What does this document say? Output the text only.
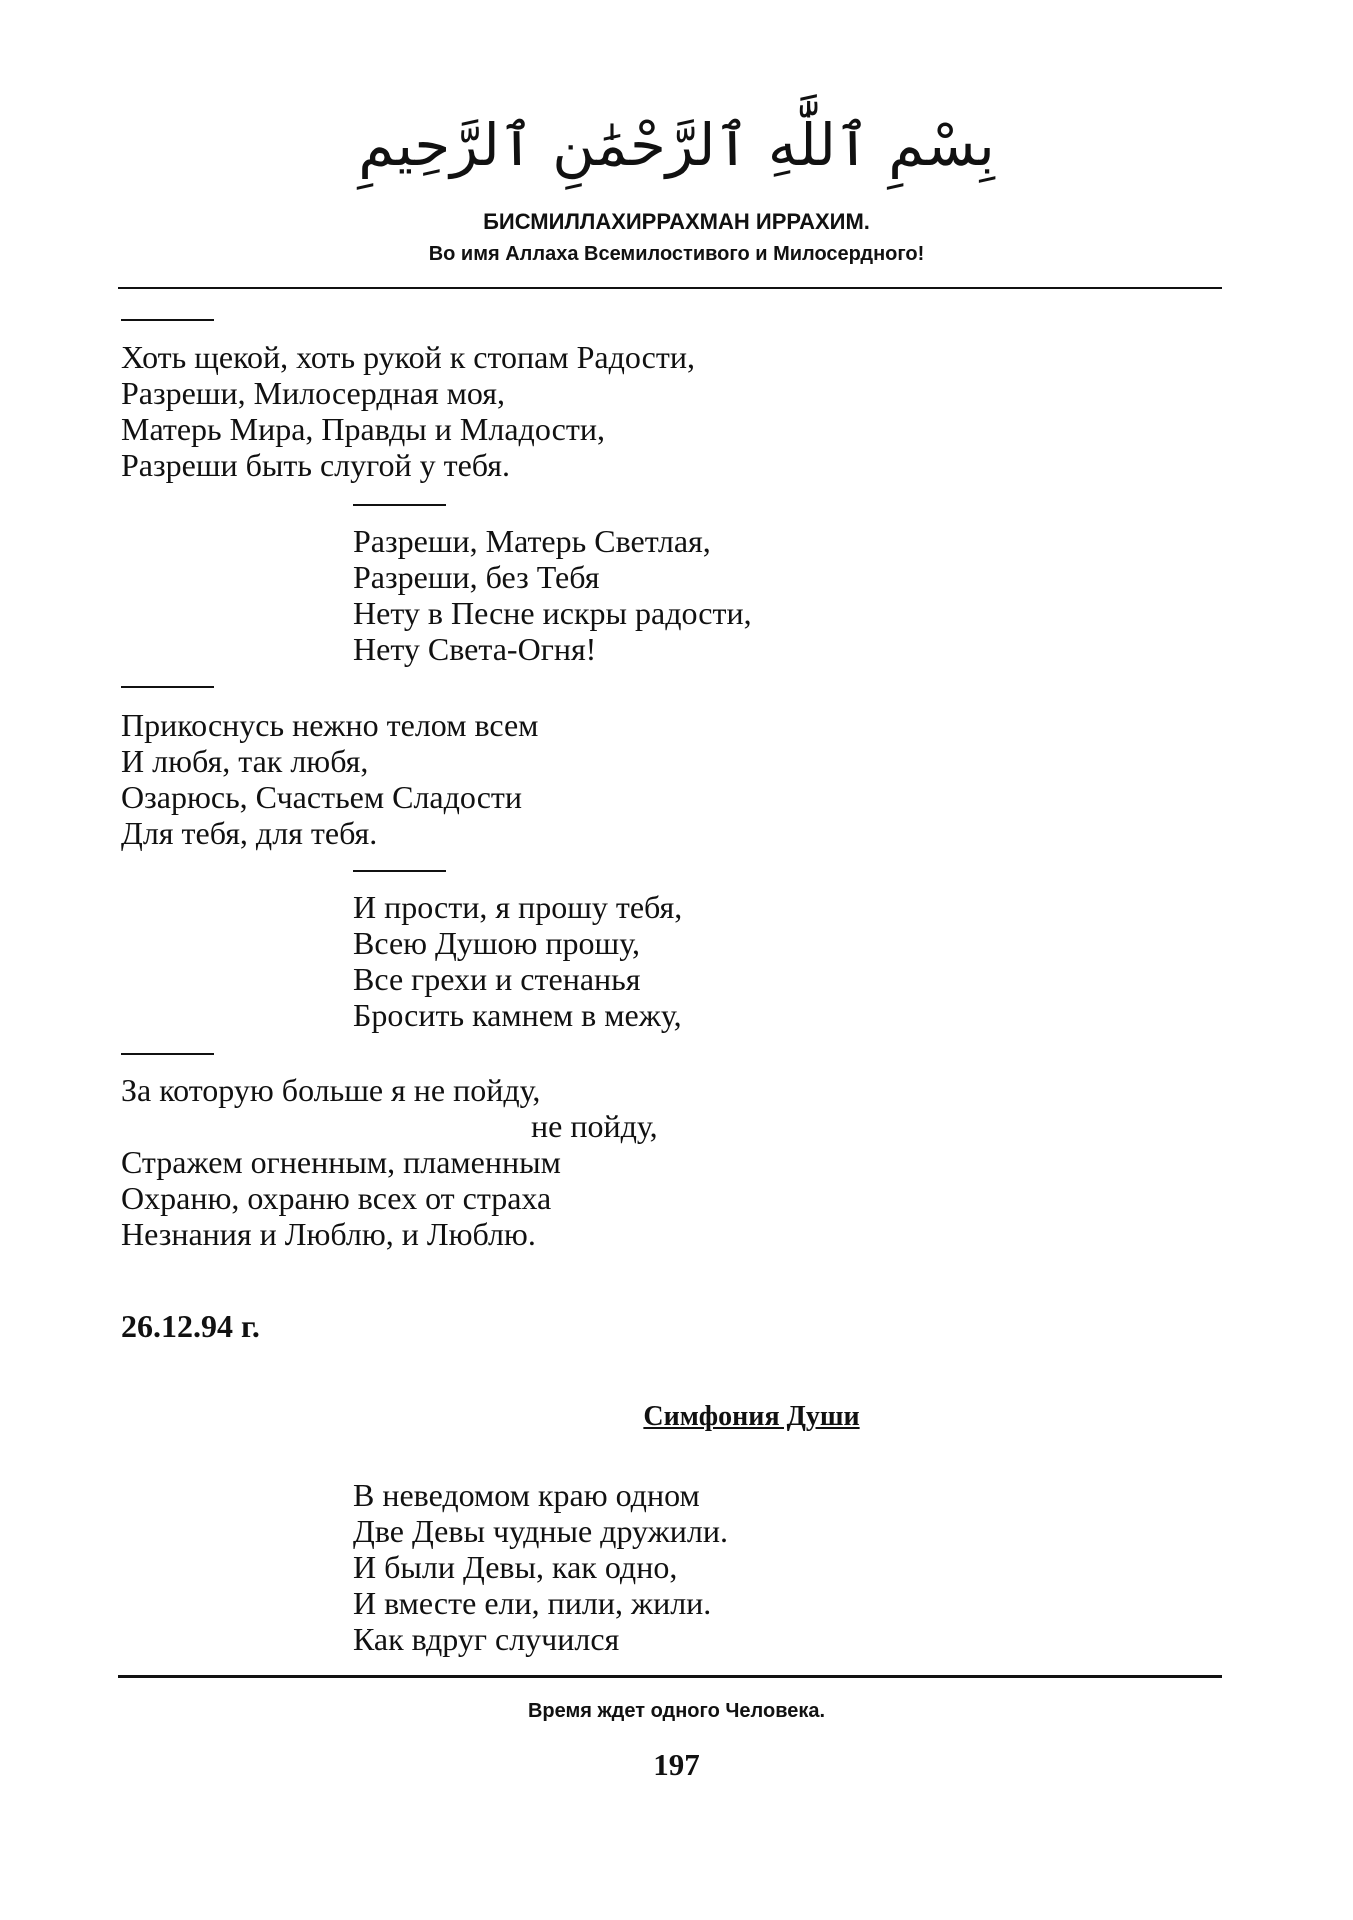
بِسْمِ ٱللَّٰهِ ٱلرَّحْمَٰنِ ٱلرَّحِيمِ
БИСМИЛЛАХИРРАХМАН ИРРАХИМ.
Во имя Аллаха Всемилостивого и Милосердного!
Хоть щекой, хоть рукой к стопам Радости,
Разреши, Милосердная моя,
Матерь Мира, Правды и Младости,
Разреши быть слугой у тебя.
Разреши, Матерь Светлая,
Разреши, без Тебя
Нету в Песне искры радости,
Нету Света-Огня!
Прикоснусь нежно телом всем
И любя, так любя,
Озарюсь, Счастьем Сладости
Для тебя, для тебя.
И прости, я прошу тебя,
Всею Душою прошу,
Все грехи и стенанья
Бросить камнем в межу,
За которую больше я не пойду,
не пойду,
Стражем огненным, пламенным
Охраню, охраню всех от страха
Незнания и Люблю, и Люблю.
26.12.94 г.
Симфония Души
В неведомом краю одном
Две Девы чудные дружили.
И были Девы, как одно,
И вместе ели, пили, жили.
Как вдруг случился
Время ждет одного Человека.
197
